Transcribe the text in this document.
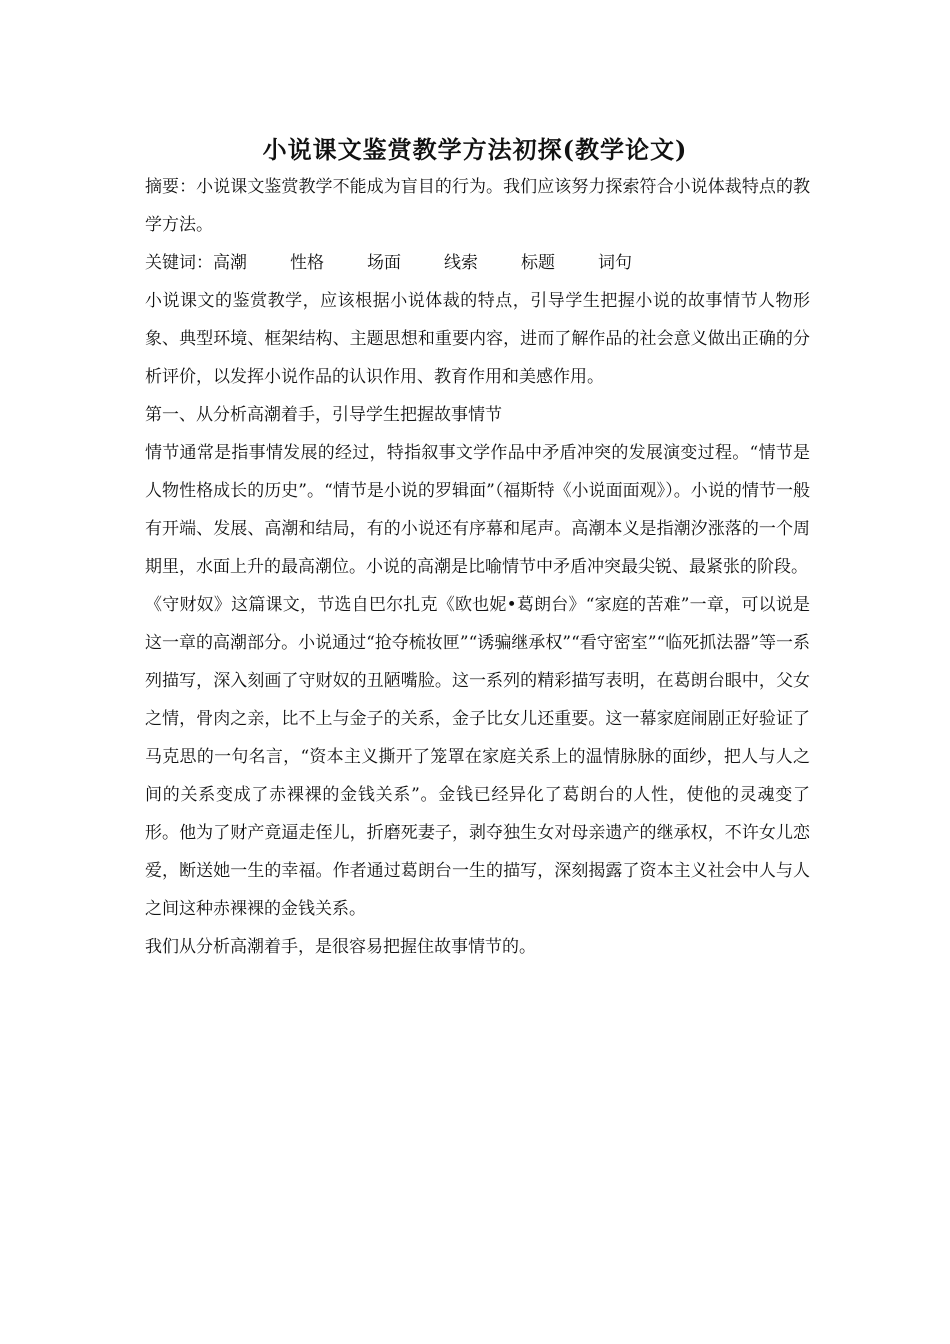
小说课文鉴赏教学方法初探(教学论文)

摘要：小说课文鉴赏教学不能成为盲目的行为。我们应该努力探索符合小说体裁特点的教学方法。

关键词： 高潮	性格	场面	线索	标题	词句

小说课文的鉴赏教学，应该根据小说体裁的特点，引导学生把握小说的故事情节人物形象、典型环境、框架结构、主题思想和重要内容，进而了解作品的社会意义做出正确的分析评价，以发挥小说作品的认识作用、教育作用和美感作用。

第一、从分析高潮着手，引导学生把握故事情节

情节通常是指事情发展的经过，特指叙事文学作品中矛盾冲突的发展演变过程。“情节是人物性格成长的历史”。“情节是小说的罗辑面”（福斯特《小说面面观》）。小说的情节一般有开端、发展、高潮和结局，有的小说还有序幕和尾声。高潮本义是指潮汐涨落的一个周期里，水面上升的最高潮位。小说的高潮是比喻情节中矛盾冲突最尖锐、最紧张的阶段。

《守财奴》这篇课文，节选自巴尔扎克《欧也妮•葛朗台》“家庭的苦难”一章，可以说是这一章的高潮部分。小说通过“抢夺梳妆匣”“诱骗继承权”“看守密室”“临死抓法器”等一系列描写，深入刻画了守财奴的丑陋嘴脸。这一系列的精彩描写表明，在葛朗台眼中，父女之情，骨肉之亲，比不上与金子的关系，金子比女儿还重要。这一幕家庭闹剧正好验证了马克思的一句名言，“资本主义撕开了笼罩在家庭关系上的温情脉脉的面纱，把人与人之间的关系变成了赤裸裸的金钱关系”。金钱已经异化了葛朗台的人性，使他的灵魂变了形。他为了财产竟逼走侄儿，折磨死妻子，剥夺独生女对母亲遗产的继承权，不许女儿恋爱，断送她一生的幸福。作者通过葛朗台一生的描写，深刻揭露了资本主义社会中人与人之间这种赤裸裸的金钱关系。

我们从分析高潮着手，是很容易把握住故事情节的。
